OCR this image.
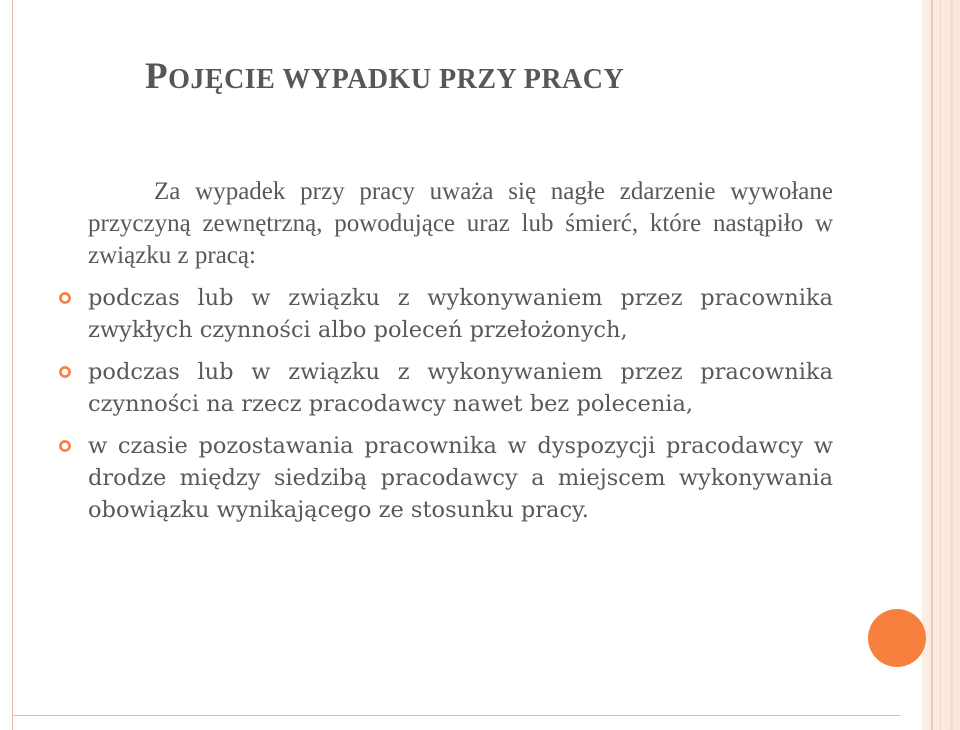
POJĘCIE WYPADKU PRZY PRACY

Za wypadek przy pracy uważa się nagłe zdarzenie wywołane przyczyną zewnętrzną, powodujące uraz lub śmierć, które nastąpiło w związku z pracą:

podczas lub w związku z wykonywaniem przez pracownika zwykłych czynności albo poleceń przełożonych,
podczas lub w związku z wykonywaniem przez pracownika czynności na rzecz pracodawcy nawet bez polecenia,
w czasie pozostawania pracownika w dyspozycji pracodawcy w drodze między siedzibą pracodawcy a miejscem wykonywania obowiązku wynikającego ze stosunku pracy.
